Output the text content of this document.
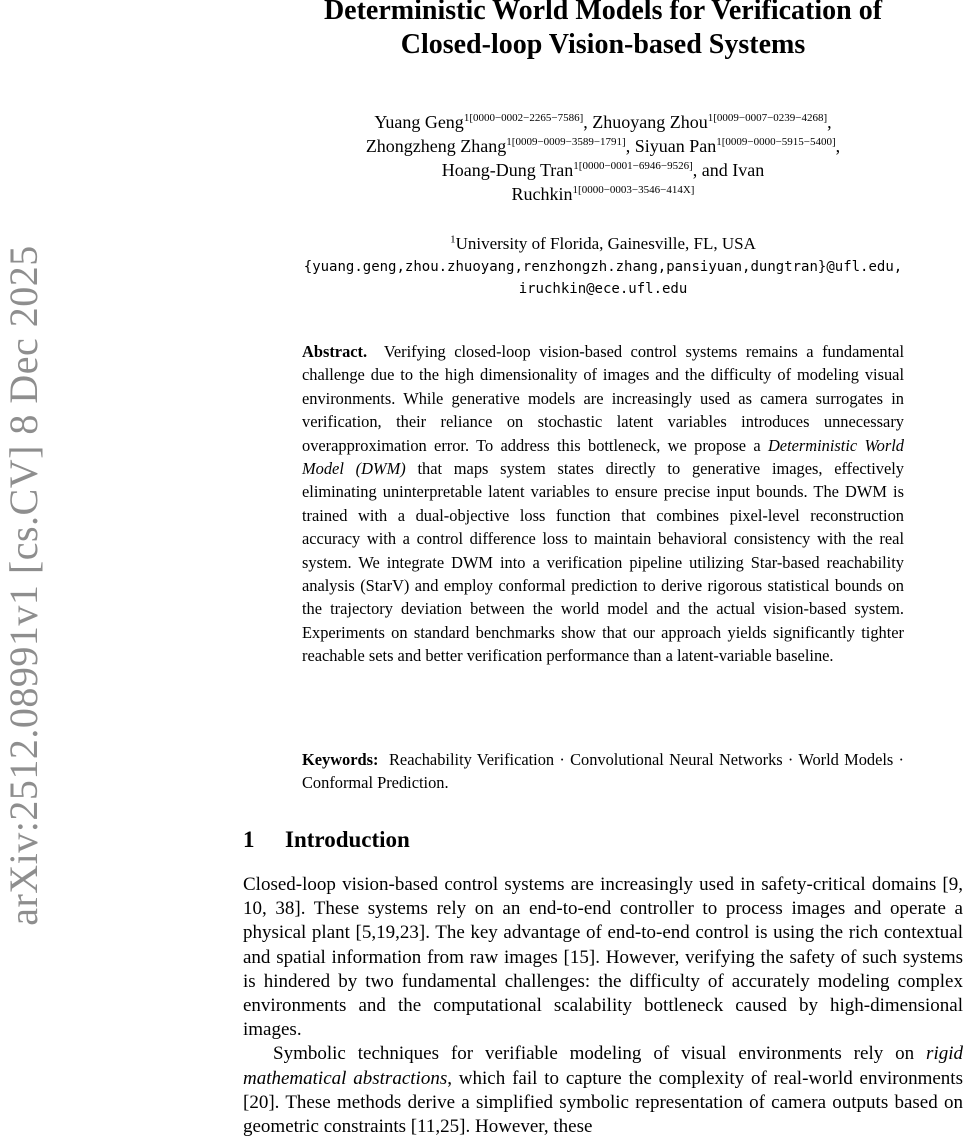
arXiv:2512.08991v1 [cs.CV] 8 Dec 2025
Deterministic World Models for Verification of
Closed-loop Vision-based Systems
Yuang Geng$^{1[0000-0002-2265-7586]}$, Zhuoyang Zhou$^{1[0009-0007-0239-4268]}$,
Zhongzheng Zhang$^{1[0009-0009-3589-1791]}$, Siyuan Pan$^{1[0009-0000-5915-5400]}$,
Hoang-Dung Tran$^{1[0000-0001-6946-9526]}$, and Ivan
Ruchkin$^{1[0000-0003-3546-414X]}$
$^1$University of Florida, Gainesville, FL, USA
{yuang.geng,zhou.zhuoyang,renzhongzh.zhang,pansiyuan,dungtran}@ufl.edu,
iruchkin@ece.ufl.edu
Abstract. Verifying closed-loop vision-based control systems remains a fundamental challenge due to the high dimensionality of images and the difficulty of modeling visual environments. While generative models are increasingly used as camera surrogates in verification, their reliance on stochastic latent variables introduces unnecessary overapproximation error. To address this bottleneck, we propose a Deterministic World Model (DWM) that maps system states directly to generative images, effectively eliminating uninterpretable latent variables to ensure precise input bounds. The DWM is trained with a dual-objective loss function that combines pixel-level reconstruction accuracy with a control difference loss to maintain behavioral consistency with the real system. We integrate DWM into a verification pipeline utilizing Star-based reachability analysis (StarV) and employ conformal prediction to derive rigorous statistical bounds on the trajectory deviation between the world model and the actual vision-based system. Experiments on standard benchmarks show that our approach yields significantly tighter reachable sets and better verification performance than a latent-variable baseline.
Keywords: Reachability Verification · Convolutional Neural Networks · World Models · Conformal Prediction.
1 Introduction

Closed-loop vision-based control systems are increasingly used in safety-critical domains [9, 10, 38]. These systems rely on an end-to-end controller to process images and operate a physical plant [5,19,23]. The key advantage of end-to-end control is using the rich contextual and spatial information from raw images [15]. However, verifying the safety of such systems is hindered by two fundamental challenges: the difficulty of accurately modeling complex environments and the computational scalability bottleneck caused by high-dimensional images.

Symbolic techniques for verifiable modeling of visual environments rely on rigid mathematical abstractions, which fail to capture the complexity of real-world environments [20]. These methods derive a simplified symbolic representation of camera outputs based on geometric constraints [11,25]. However, these
